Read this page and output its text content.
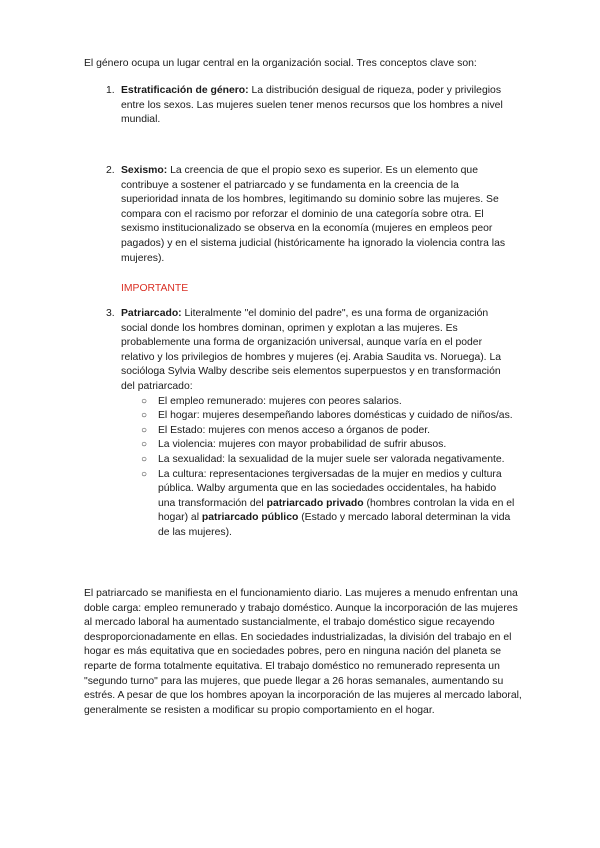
El género ocupa un lugar central en la organización social. Tres conceptos clave son:
1. Estratificación de género: La distribución desigual de riqueza, poder y privilegios entre los sexos. Las mujeres suelen tener menos recursos que los hombres a nivel mundial.
2. Sexismo: La creencia de que el propio sexo es superior. Es un elemento que contribuye a sostener el patriarcado y se fundamenta en la creencia de la superioridad innata de los hombres, legitimando su dominio sobre las mujeres. Se compara con el racismo por reforzar el dominio de una categoría sobre otra. El sexismo institucionalizado se observa en la economía (mujeres en empleos peor pagados) y en el sistema judicial (históricamente ha ignorado la violencia contra las mujeres).
IMPORTANTE
3. Patriarcado: Literalmente "el dominio del padre", es una forma de organización social donde los hombres dominan, oprimen y explotan a las mujeres. Es probablemente una forma de organización universal, aunque varía en el poder relativo y los privilegios de hombres y mujeres (ej. Arabia Saudita vs. Noruega). La socióloga Sylvia Walby describe seis elementos superpuestos y en transformación del patriarcado:
○ El empleo remunerado: mujeres con peores salarios.
○ El hogar: mujeres desempeñando labores domésticas y cuidado de niños/as.
○ El Estado: mujeres con menos acceso a órganos de poder.
○ La violencia: mujeres con mayor probabilidad de sufrir abusos.
○ La sexualidad: la sexualidad de la mujer suele ser valorada negativamente.
○ La cultura: representaciones tergiversadas de la mujer en medios y cultura pública. Walby argumenta que en las sociedades occidentales, ha habido una transformación del patriarcado privado (hombres controlan la vida en el hogar) al patriarcado público (Estado y mercado laboral determinan la vida de las mujeres).
El patriarcado se manifiesta en el funcionamiento diario. Las mujeres a menudo enfrentan una doble carga: empleo remunerado y trabajo doméstico. Aunque la incorporación de las mujeres al mercado laboral ha aumentado sustancialmente, el trabajo doméstico sigue recayendo desproporcionadamente en ellas. En sociedades industrializadas, la división del trabajo en el hogar es más equitativa que en sociedades pobres, pero en ninguna nación del planeta se reparte de forma totalmente equitativa. El trabajo doméstico no remunerado representa un "segundo turno" para las mujeres, que puede llegar a 26 horas semanales, aumentando su estrés. A pesar de que los hombres apoyan la incorporación de las mujeres al mercado laboral, generalmente se resisten a modificar su propio comportamiento en el hogar.
